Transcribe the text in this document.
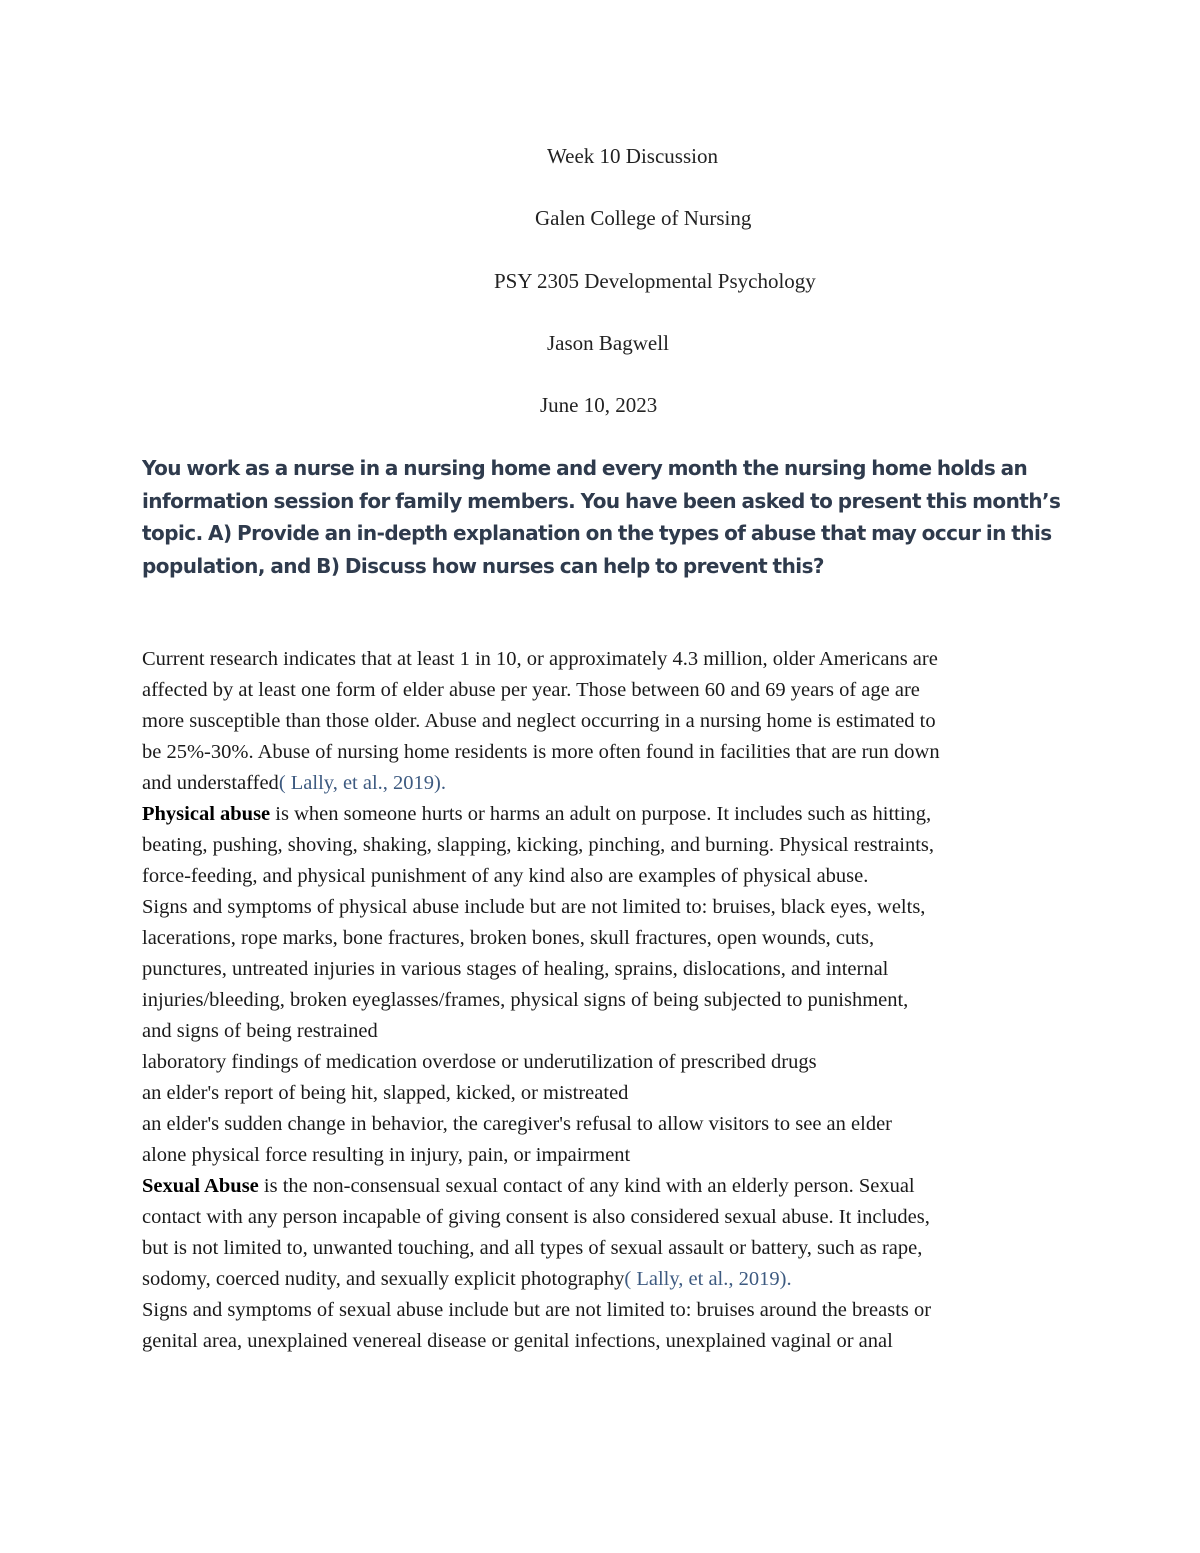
Week 10 Discussion
Galen College of Nursing
PSY 2305 Developmental Psychology
Jason Bagwell
June 10, 2023
You work as a nurse in a nursing home and every month the nursing home holds an
information session for family members. You have been asked to present this month’s
topic. A) Provide an in-depth explanation on the types of abuse that may occur in this
population, and B) Discuss how nurses can help to prevent this?
Current research indicates that at least 1 in 10, or approximately 4.3 million, older Americans are
affected by at least one form of elder abuse per year. Those between 60 and 69 years of age are
more susceptible than those older. Abuse and neglect occurring in a nursing home is estimated to
be 25%-30%. Abuse of nursing home residents is more often found in facilities that are run down
and understaffed( Lally, et al., 2019).
Physical abuse is when someone hurts or harms an adult on purpose. It includes such as hitting,
beating, pushing, shoving, shaking, slapping, kicking, pinching, and burning. Physical restraints,
force-feeding, and physical punishment of any kind also are examples of physical abuse.
Signs and symptoms of physical abuse include but are not limited to: bruises, black eyes, welts,
lacerations, rope marks, bone fractures, broken bones, skull fractures, open wounds, cuts,
punctures, untreated injuries in various stages of healing, sprains, dislocations, and internal
injuries/bleeding, broken eyeglasses/frames, physical signs of being subjected to punishment,
and signs of being restrained
laboratory findings of medication overdose or underutilization of prescribed drugs
an elder's report of being hit, slapped, kicked, or mistreated
an elder's sudden change in behavior, the caregiver's refusal to allow visitors to see an elder
alone physical force resulting in injury, pain, or impairment
Sexual Abuse is the non-consensual sexual contact of any kind with an elderly person. Sexual
contact with any person incapable of giving consent is also considered sexual abuse. It includes,
but is not limited to, unwanted touching, and all types of sexual assault or battery, such as rape,
sodomy, coerced nudity, and sexually explicit photography( Lally, et al., 2019).
Signs and symptoms of sexual abuse include but are not limited to: bruises around the breasts or
genital area, unexplained venereal disease or genital infections, unexplained vaginal or anal
